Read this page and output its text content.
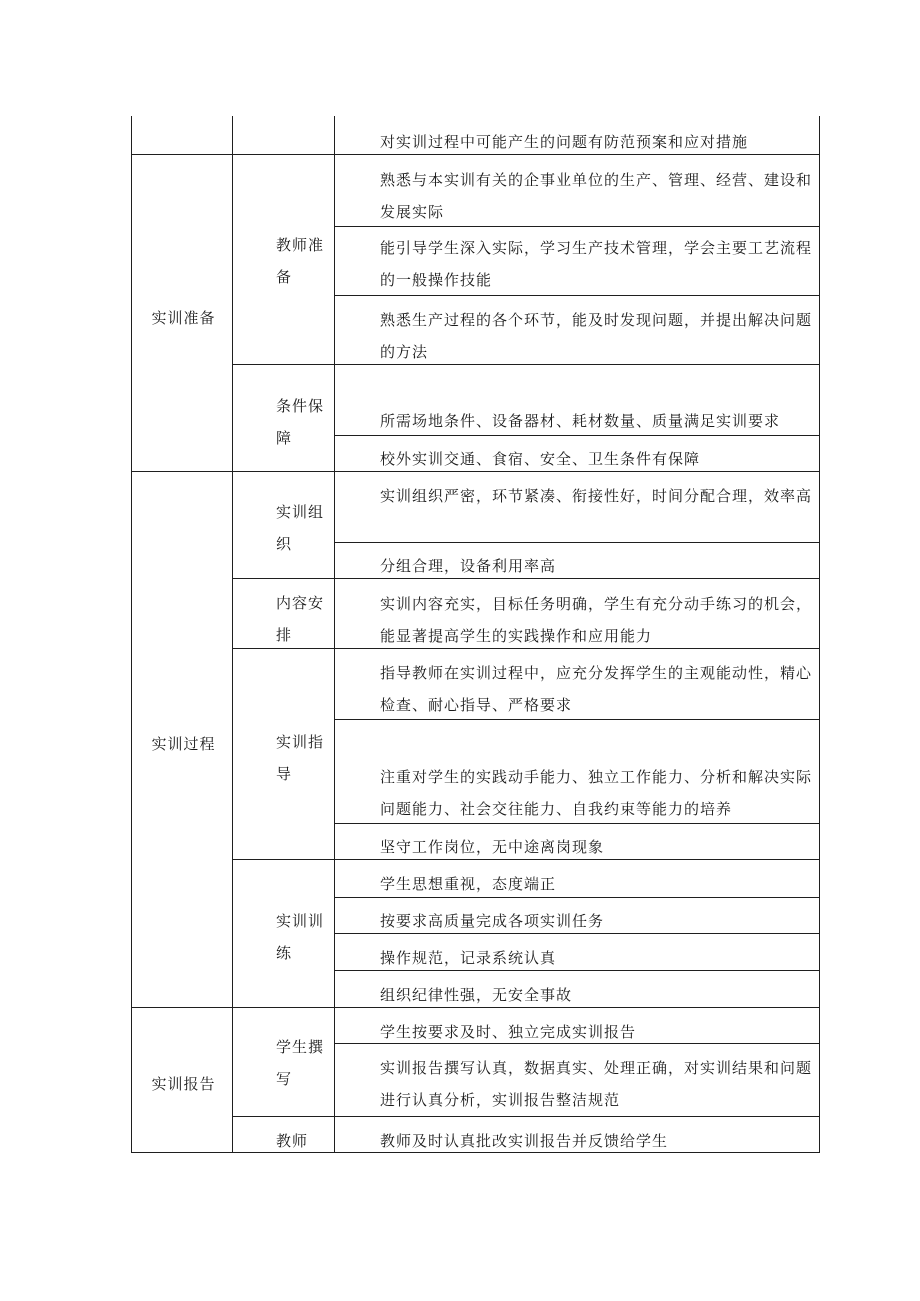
实训准备
实训过程
实训报告
教师准备
条件保障
实训组织
内容安排
实训指导
实训训练
学生撰写
教师
对实训过程中可能产生的问题有防范预案和应对措施
熟悉与本实训有关的企事业单位的生产、管理、经营、建设和发展实际
能引导学生深入实际，学习生产技术管理，学会主要工艺流程的一般操作技能
熟悉生产过程的各个环节，能及时发现问题，并提出解决问题的方法
所需场地条件、设备器材、耗材数量、质量满足实训要求
校外实训交通、食宿、安全、卫生条件有保障
实训组织严密，环节紧凑、衔接性好，时间分配合理，效率高
分组合理，设备利用率高
实训内容充实，目标任务明确，学生有充分动手练习的机会，能显著提高学生的实践操作和应用能力
指导教师在实训过程中，应充分发挥学生的主观能动性，精心检查、耐心指导、严格要求
注重对学生的实践动手能力、独立工作能力、分析和解决实际问题能力、社会交往能力、自我约束等能力的培养
坚守工作岗位，无中途离岗现象
学生思想重视，态度端正
按要求高质量完成各项实训任务
操作规范，记录系统认真
组织纪律性强，无安全事故
学生按要求及时、独立完成实训报告
实训报告撰写认真，数据真实、处理正确，对实训结果和问题进行认真分析，实训报告整洁规范
教师及时认真批改实训报告并反馈给学生
